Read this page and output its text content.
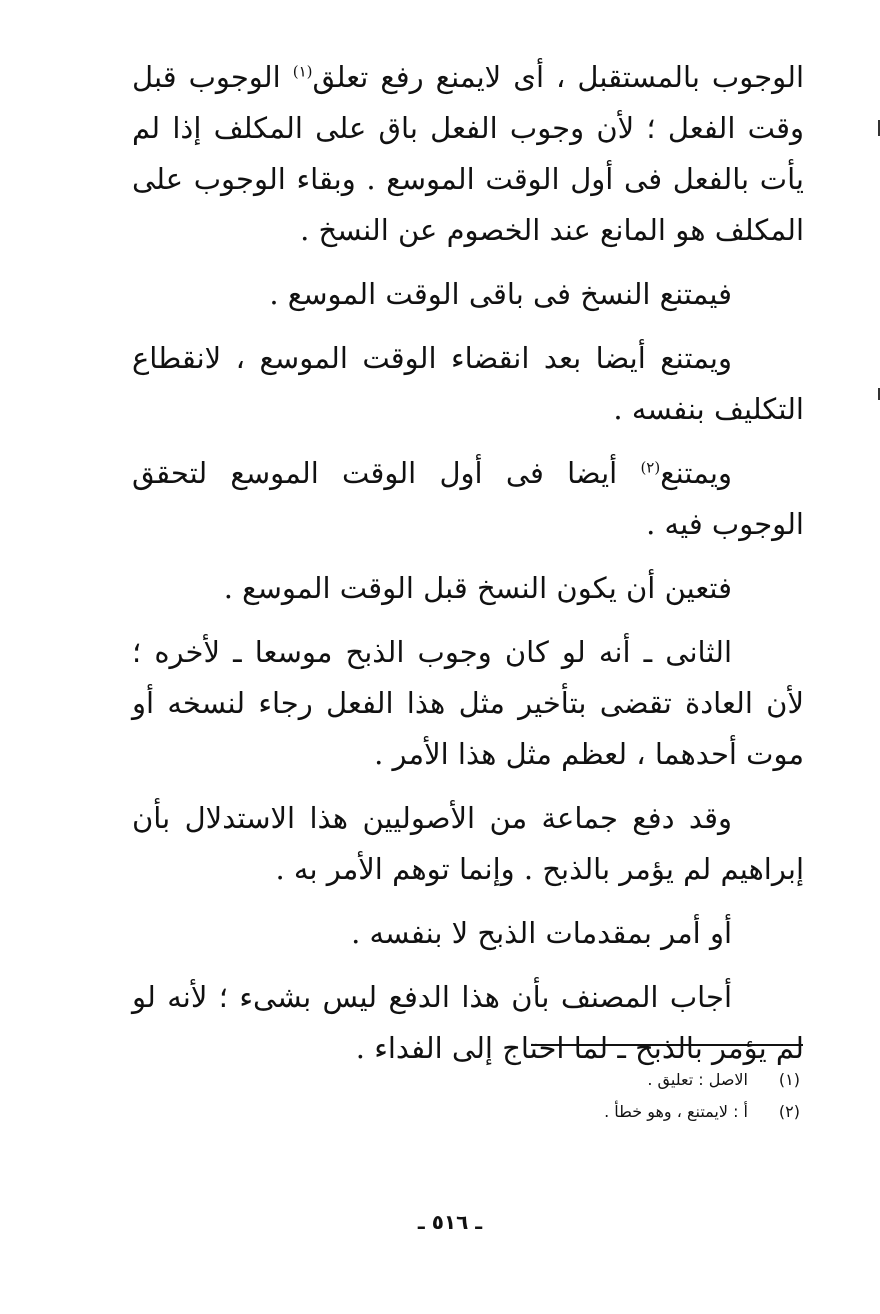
الوجوب بالمستقبل ، أى لايمنع رفع تعلق$^{(١)}$ الوجوب قبل وقت الفعل ؛ لأن وجوب الفعل باق على المكلف إذا لم يأت بالفعل فى أول الوقت الموسع . وبقاء الوجوب على المكلف هو المانع عند الخصوم عن النسخ .

فيمتنع النسخ فى باقى الوقت الموسع .

ويمتنع أيضا بعد انقضاء الوقت الموسع ، لانقطاع التكليف بنفسه .

ويمتنع$^{(٢)}$ أيضا فى أول الوقت الموسع لتحقق الوجوب فيه .

فتعين أن يكون النسخ قبل الوقت الموسع .

الثانى ـ أنه لو كان وجوب الذبح موسعا ـ لأخره ؛ لأن العادة تقضى بتأخير مثل هذا الفعل رجاء لنسخه أو موت أحدهما ، لعظم مثل هذا الأمر .

وقد دفع جماعة من الأصوليين هذا الاستدلال بأن إبراهيم لم يؤمر بالذبح . وإنما توهم الأمر به .

أو أمر بمقدمات الذبح لا بنفسه .

أجاب المصنف بأن هذا الدفع ليس بشىء ؛ لأنه لو لم يؤمر بالذبح ـ لما احتاج إلى الفداء .

(١)
الاصل : تعليق .
(٢)
أ : لايمتنع ، وهو خطأ .
ـ ٥١٦ ـ
